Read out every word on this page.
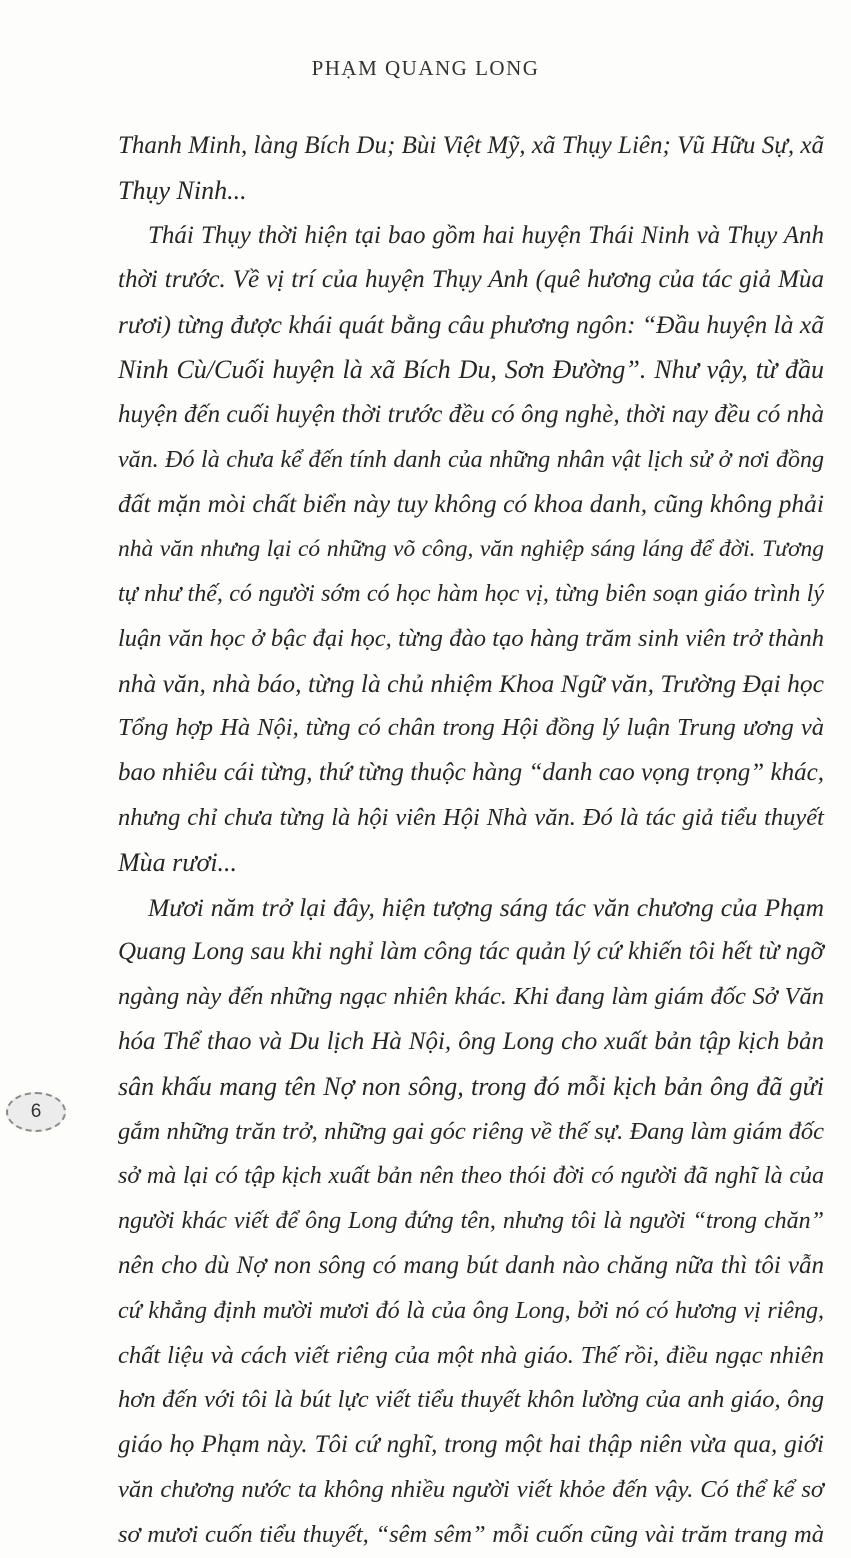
PHẠM QUANG LONG
Thanh Minh, làng Bích Du; Bùi Việt Mỹ, xã Thụy Liên; Vũ Hữu Sự, xã
Thụy Ninh...
Thái Thụy thời hiện tại bao gồm hai huyện Thái Ninh và Thụy Anh
thời trước. Về vị trí của huyện Thụy Anh (quê hương của tác giả Mùa
rươi) từng được khái quát bằng câu phương ngôn: “Đầu huyện là xã
Ninh Cù/Cuối huyện là xã Bích Du, Sơn Đường”. Như vậy, từ đầu
huyện đến cuối huyện thời trước đều có ông nghè, thời nay đều có nhà
văn. Đó là chưa kể đến tính danh của những nhân vật lịch sử ở nơi đồng
đất mặn mòi chất biển này tuy không có khoa danh, cũng không phải
nhà văn nhưng lại có những võ công, văn nghiệp sáng láng để đời. Tương
tự như thế, có người sớm có học hàm học vị, từng biên soạn giáo trình lý
luận văn học ở bậc đại học, từng đào tạo hàng trăm sinh viên trở thành
nhà văn, nhà báo, từng là chủ nhiệm Khoa Ngữ văn, Trường Đại học
Tổng hợp Hà Nội, từng có chân trong Hội đồng lý luận Trung ương và
bao nhiêu cái từng, thứ từng thuộc hàng “danh cao vọng trọng” khác,
nhưng chỉ chưa từng là hội viên Hội Nhà văn. Đó là tác giả tiểu thuyết
Mùa rươi...
Mươi năm trở lại đây, hiện tượng sáng tác văn chương của Phạm
Quang Long sau khi nghỉ làm công tác quản lý cứ khiến tôi hết từ ngỡ
ngàng này đến những ngạc nhiên khác. Khi đang làm giám đốc Sở Văn
hóa Thể thao và Du lịch Hà Nội, ông Long cho xuất bản tập kịch bản
sân khấu mang tên Nợ non sông, trong đó mỗi kịch bản ông đã gửi
gắm những trăn trở, những gai góc riêng về thế sự. Đang làm giám đốc
sở mà lại có tập kịch xuất bản nên theo thói đời có người đã nghĩ là của
người khác viết để ông Long đứng tên, nhưng tôi là người “trong chăn”
nên cho dù Nợ non sông có mang bút danh nào chăng nữa thì tôi vẫn
cứ khẳng định mười mươi đó là của ông Long, bởi nó có hương vị riêng,
chất liệu và cách viết riêng của một nhà giáo. Thế rồi, điều ngạc nhiên
hơn đến với tôi là bút lực viết tiểu thuyết khôn lường của anh giáo, ông
giáo họ Phạm này. Tôi cứ nghĩ, trong một hai thập niên vừa qua, giới
văn chương nước ta không nhiều người viết khỏe đến vậy. Có thể kể sơ
sơ mươi cuốn tiểu thuyết, “sêm sêm” mỗi cuốn cũng vài trăm trang mà
6
